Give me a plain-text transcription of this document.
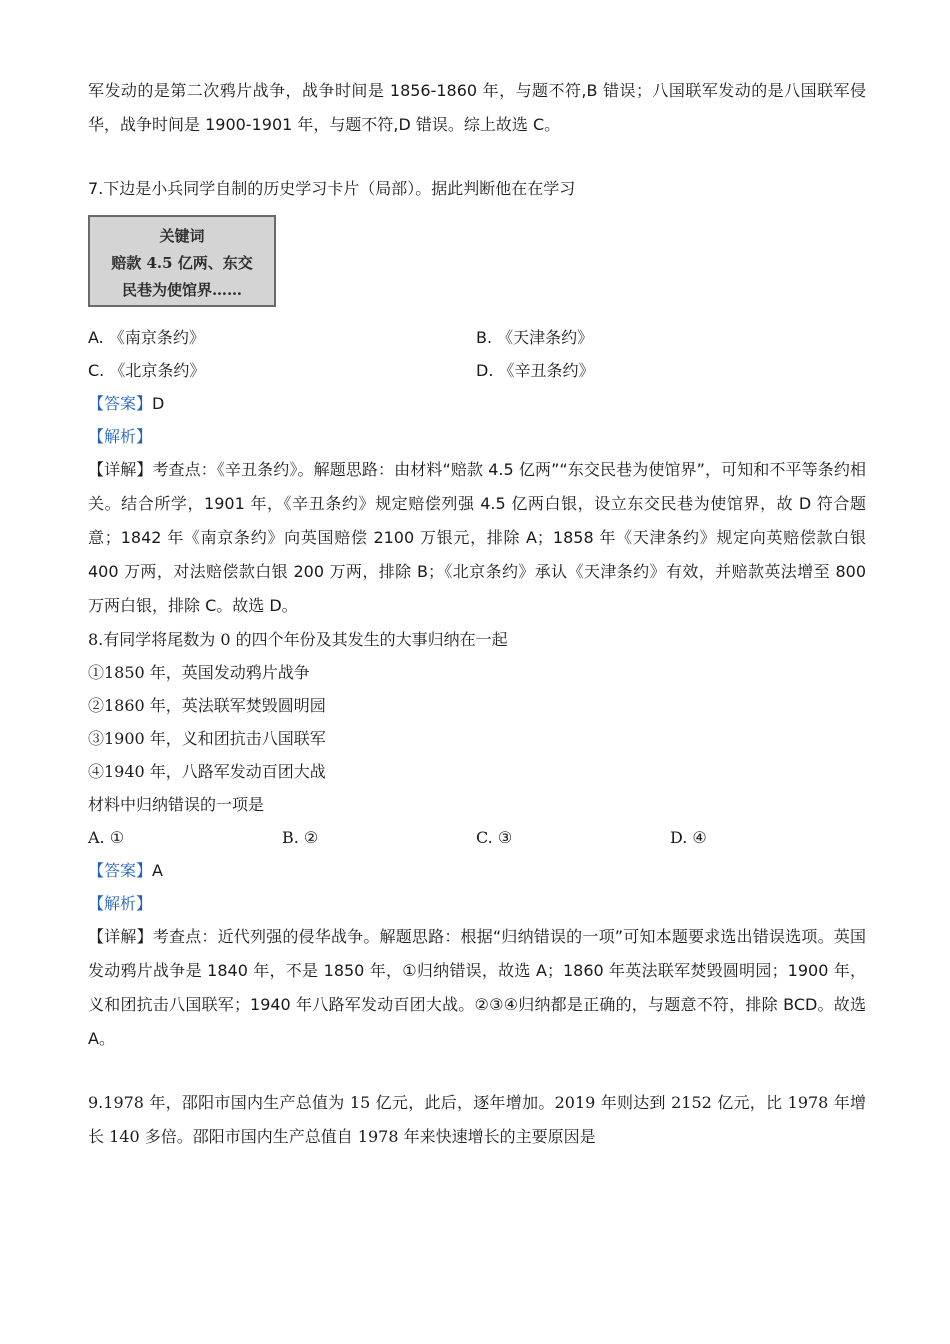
军发动的是第二次鸦片战争，战争时间是 1856-1860 年，与题不符,B 错误；八国联军发动的是八国联军侵华，战争时间是 1900-1901 年，与题不符,D 错误。综上故选 C。

7.下边是小兵同学自制的历史学习卡片（局部）。据此判断他在在学习
关键词
赔款 4.5 亿两、东交
民巷为使馆界……
A. 《南京条约》	B. 《天津条约》
C. 《北京条约》	D. 《辛丑条约》
【答案】D
【解析】

【详解】考查点：《辛丑条约》。解题思路：由材料“赔款 4.5 亿两”“东交民巷为使馆界”，可知和不平等条约相关。结合所学，1901 年，《辛丑条约》规定赔偿列强 4.5 亿两白银，设立东交民巷为使馆界，故 D 符合题意；1842 年《南京条约》向英国赔偿 2100 万银元，排除 A；1858 年《天津条约》规定向英赔偿款白银 400 万两，对法赔偿款白银 200 万两，排除 B；《北京条约》承认《天津条约》有效，并赔款英法增至 800 万两白银，排除 C。故选 D。

8.有同学将尾数为 0 的四个年份及其发生的大事归纳在一起
①1850 年，英国发动鸦片战争
②1860 年，英法联军焚毁圆明园
③1900 年，义和团抗击八国联军
④1940 年，八路军发动百团大战
材料中归纳错误的一项是
A. ①	B. ②	C. ③	D. ④
【答案】A
【解析】

【详解】考查点：近代列强的侵华战争。解题思路：根据“归纳错误的一项”可知本题要求选出错误选项。英国发动鸦片战争是 1840 年，不是 1850 年，①归纳错误，故选 A；1860 年英法联军焚毁圆明园；1900 年，义和团抗击八国联军；1940 年八路军发动百团大战。②③④归纳都是正确的，与题意不符，排除 BCD。故选 A。

9.1978 年，邵阳市国内生产总值为 15 亿元，此后，逐年增加。2019 年则达到 2152 亿元，比 1978 年增长 140 多倍。邵阳市国内生产总值自 1978 年来快速增长的主要原因是
